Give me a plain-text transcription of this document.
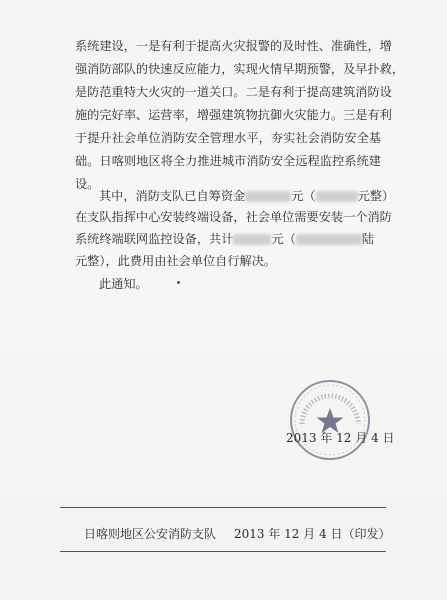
系统建设，一是有利于提高火灾报警的及时性、准确性，增
强消防部队的快速反应能力，实现火情早期预警，及早扑救，
是防范重特大火灾的一道关口。二是有利于提高建筑消防设
施的完好率、运营率，增强建筑物抗御火灾能力。三是有利
于提升社会单位消防安全管理水平，夯实社会消防安全基
础。日喀则地区将全力推进城市消防安全远程监控系统建
设。
其中，消防支队已自筹资金	元（	元整）
在支队指挥中心安装终端设备，社会单位需要安装一个消防
系统终端联网监控设备，共计	元（	陆
元整），此费用由社会单位自行解决。
此通知。
2013 年 12 月 4 日
日喀则地区公安消防支队 2013 年 12 月 4 日（印发）
